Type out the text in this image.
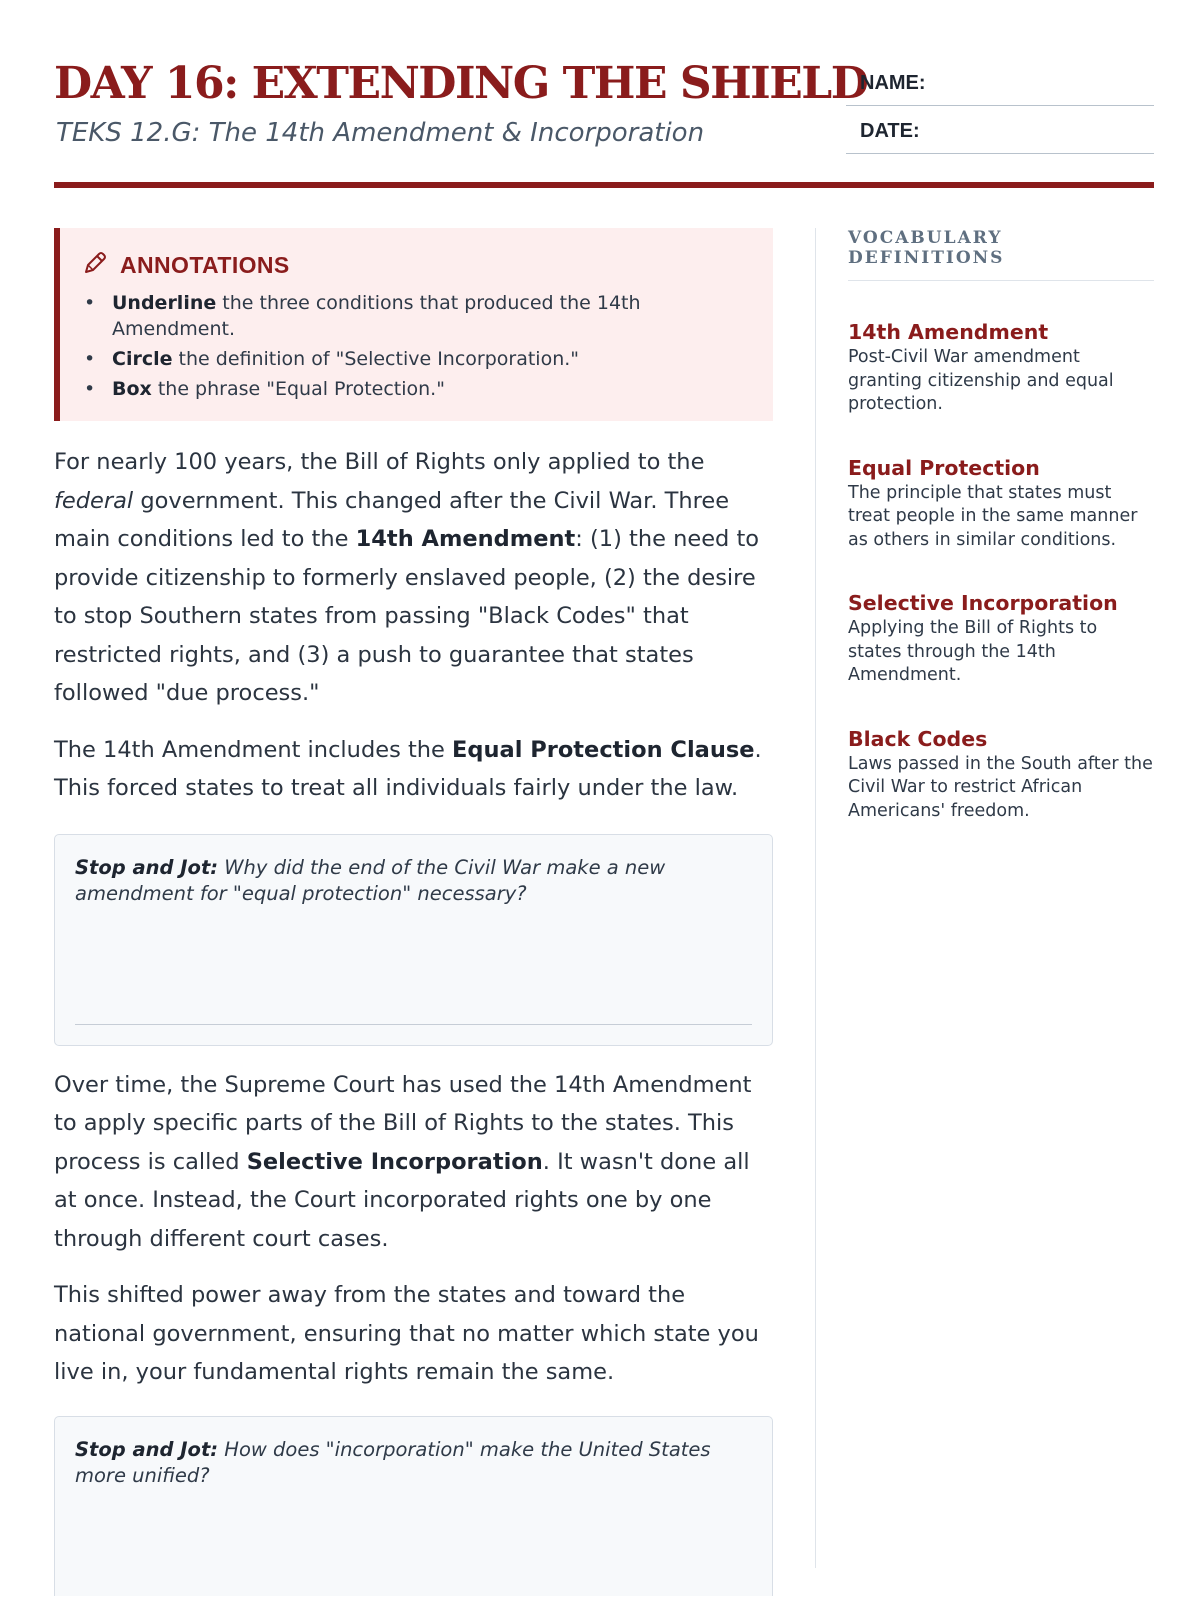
DAY 16: EXTENDING THE SHIELD
TEKS 12.G: The 14th Amendment & Incorporation
NAME:
DATE:
ANNOTATIONS
• Underline the three conditions that produced the 14th Amendment.
• Circle the definition of "Selective Incorporation."
• Box the phrase "Equal Protection."

For nearly 100 years, the Bill of Rights only applied to the federal government. This changed after the Civil War. Three main conditions led to the 14th Amendment: (1) the need to provide citizenship to formerly enslaved people, (2) the desire to stop Southern states from passing "Black Codes" that restricted rights, and (3) a push to guarantee that states followed "due process."

The 14th Amendment includes the Equal Protection Clause. This forced states to treat all individuals fairly under the law.

Stop and Jot: Why did the end of the Civil War make a new amendment for "equal protection" necessary?

Over time, the Supreme Court has used the 14th Amendment to apply specific parts of the Bill of Rights to the states. This process is called Selective Incorporation. It wasn't done all at once. Instead, the Court incorporated rights one by one through different court cases.

This shifted power away from the states and toward the national government, ensuring that no matter which state you live in, your fundamental rights remain the same.

Stop and Jot: How does "incorporation" make the United States more unified?
VOCABULARY DEFINITIONS
14th Amendment
Post-Civil War amendment granting citizenship and equal protection.
Equal Protection
The principle that states must treat people in the same manner as others in similar conditions.
Selective Incorporation
Applying the Bill of Rights to states through the 14th Amendment.
Black Codes
Laws passed in the South after the Civil War to restrict African Americans' freedom.
